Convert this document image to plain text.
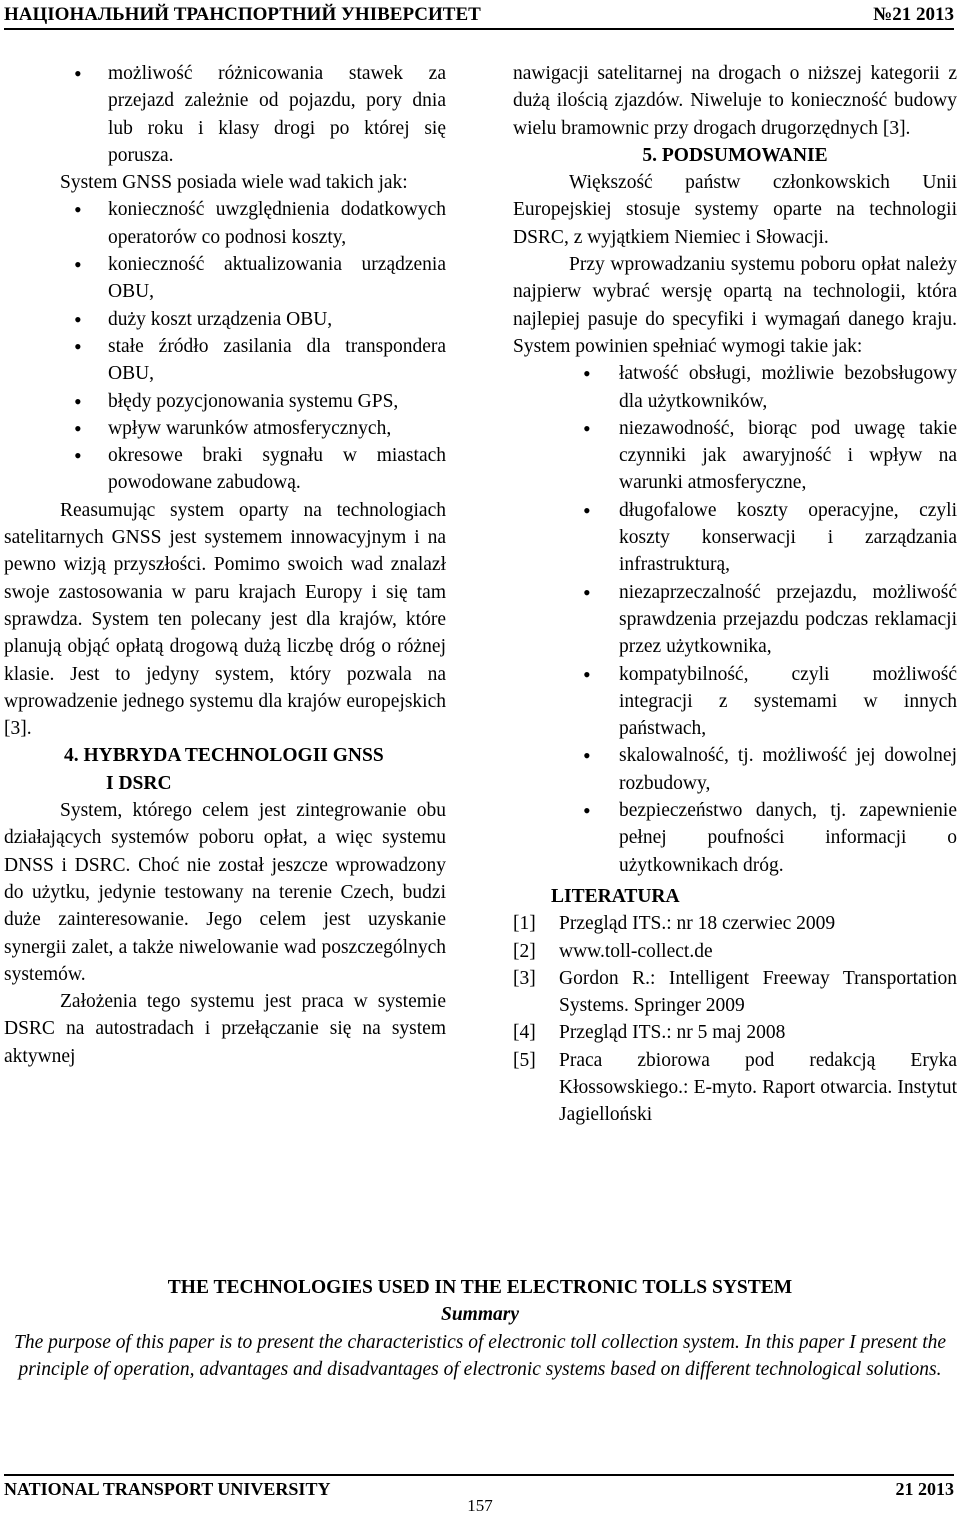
НАЦІОНАЛЬНИЙ ТРАНСПОРТНИЙ УНІВЕРСИТЕТ	№21 2013
• możliwość różnicowania stawek za przejazd zależnie od pojazdu, pory dnia lub roku i klasy drogi po której się porusza.

System GNSS posiada wiele wad takich jak:

• konieczność uwzględnienia dodatkowych operatorów co podnosi koszty,
• konieczność aktualizowania urządzenia OBU,
• duży koszt urządzenia OBU,
• stałe źródło zasilania dla transpondera OBU,
• błędy pozycjonowania systemu GPS,
• wpływ warunków atmosferycznych,
• okresowe braki sygnału w miastach powodowane zabudową.

Reasumując system oparty na technologiach satelitarnych GNSS jest systemem innowacyjnym i na pewno wizją przyszłości. Pomimo swoich wad znalazł swoje zastosowania w paru krajach Europy i się tam sprawdza. System ten polecany jest dla krajów, które planują objąć opłatą drogową dużą liczbę dróg o różnej klasie. Jest to jedyny system, który pozwala na wprowadzenie jednego systemu dla krajów europejskich [3].

4. HYBRYDA TECHNOLOGII GNSS

I DSRC

System, którego celem jest zintegrowanie obu działających systemów poboru opłat, a więc systemu DNSS i DSRC. Choć nie został jeszcze wprowadzony do użytku, jedynie testowany na terenie Czech, budzi duże zainteresowanie. Jego celem jest uzyskanie synergii zalet, a także niwelowanie wad poszczególnych systemów.

Założenia tego systemu jest praca w systemie DSRC na autostradach i przełączanie się na system aktywnej

nawigacji satelitarnej na drogach o niższej kategorii z dużą ilością zjazdów. Niweluje to konieczność budowy wielu bramownic przy drogach drugorzędnych [3].

5. PODSUMOWANIE

Większość państw członkowskich Unii Europejskiej stosuje systemy oparte na technologii DSRC, z wyjątkiem Niemiec i Słowacji.

Przy wprowadzaniu systemu poboru opłat należy najpierw wybrać wersję opartą na technologii, która najlepiej pasuje do specyfiki i wymagań danego kraju. System powinien spełniać wymogi takie jak:

• łatwość obsługi, możliwie bezobsługowy dla użytkowników,
• niezawodność, biorąc pod uwagę takie czynniki jak awaryjność i wpływ na warunki atmosferyczne,
• długofalowe koszty operacyjne, czyli koszty konserwacji i zarządzania infrastrukturą,
• niezaprzeczalność przejazdu, możliwość sprawdzenia przejazdu podczas reklamacji przez użytkownika,
• kompatybilność, czyli możliwość integracji z systemami w innych państwach,
• skalowalność, tj. możliwość jej dowolnej rozbudowy,
• bezpieczeństwo danych, tj. zapewnienie pełnej poufności informacji o użytkownikach dróg.

LITERATURA

[1]	Przegląd ITS.: nr 18 czerwiec 2009
[2]	www.toll-collect.de
[3]	Gordon R.: Intelligent Freeway Transportation Systems. Springer 2009
[4]	Przegląd ITS.: nr 5 maj 2008
[5]	Praca zbiorowa pod redakcją Eryka Kłossowskiego.: E-myto. Raport otwarcia. Instytut Jagielloński
THE TECHNOLOGIES USED IN THE ELECTRONIC TOLLS SYSTEM
Summary
The purpose of this paper is to present the characteristics of electronic toll collection system. In this paper I present the principle of operation, advantages and disadvantages of electronic systems based on different technological solutions.
NATIONAL TRANSPORT UNIVERSITY	21 2013
157
